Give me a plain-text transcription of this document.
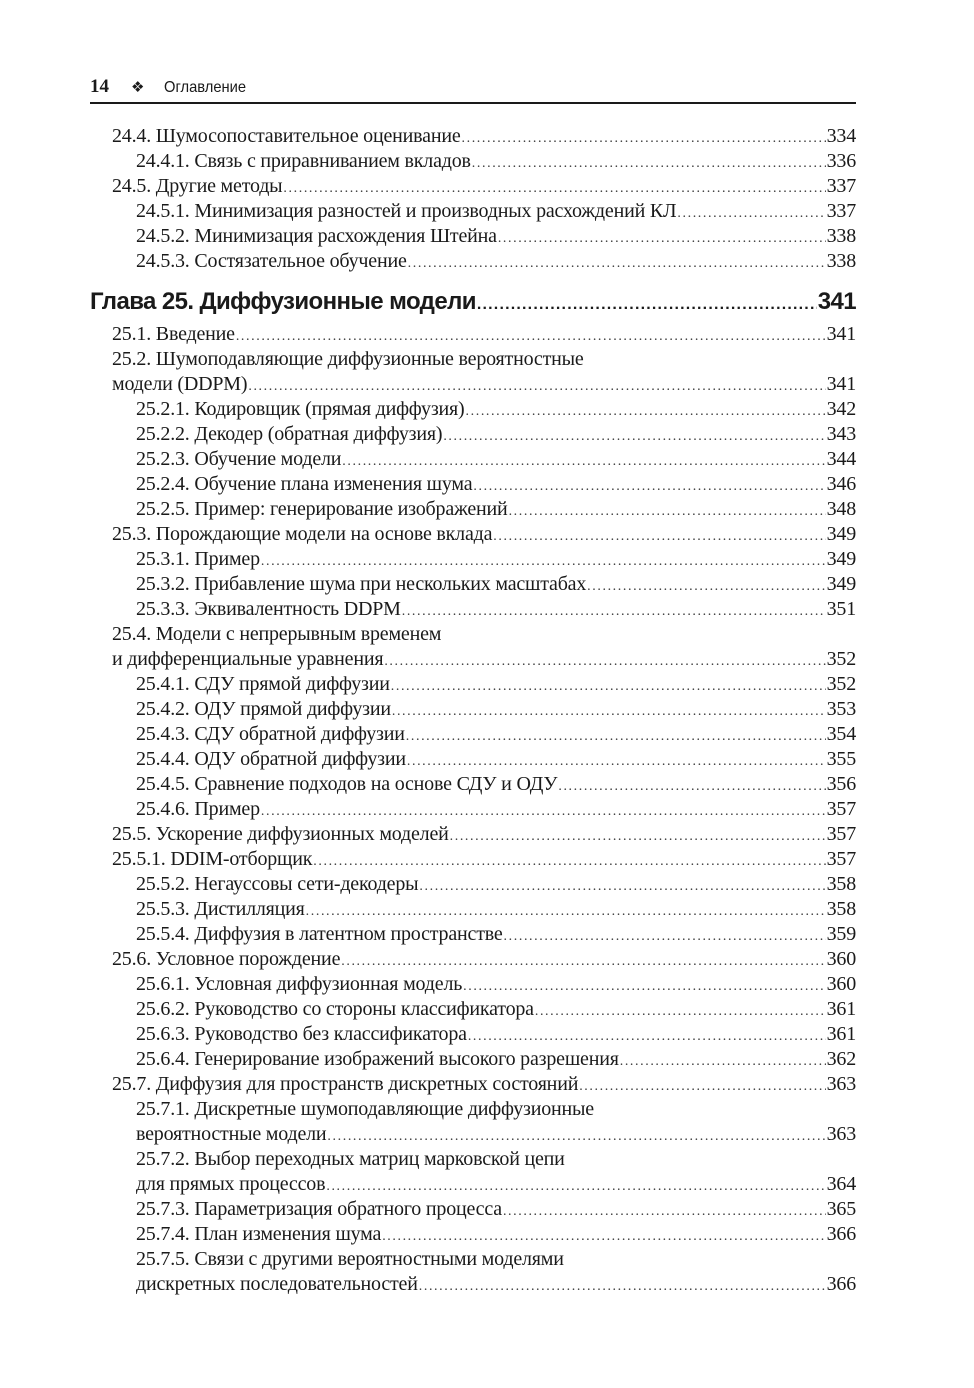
14 ❖ Оглавление
24.4. Шумосопоставительное оценивание .....	334
24.4.1. Связь с приравниванием вкладов .....	336
24.5. Другие методы .....	337
24.5.1. Минимизация разностей и производных расхождений КЛ .....	337
24.5.2. Минимизация расхождения Штейна .....	338
24.5.3. Состязательное обучение .....	338
Глава 25. Диффузионные модели .....	341
25.1. Введение .....	341
25.2. Шумоподавляющие диффузионные вероятностные
модели (DDPM) .....	341
25.2.1. Кодировщик (прямая диффузия) .....	342
25.2.2. Декодер (обратная диффузия) .....	343
25.2.3. Обучение модели .....	344
25.2.4. Обучение плана изменения шума .....	346
25.2.5. Пример: генерирование изображений .....	348
25.3. Порождающие модели на основе вклада .....	349
25.3.1. Пример .....	349
25.3.2. Прибавление шума при нескольких масштабах .....	349
25.3.3. Эквивалентность DDPM .....	351
25.4. Модели с непрерывным временем
и дифференциальные уравнения .....	352
25.4.1. СДУ прямой диффузии .....	352
25.4.2. ОДУ прямой диффузии .....	353
25.4.3. СДУ обратной диффузии .....	354
25.4.4. ОДУ обратной диффузии .....	355
25.4.5. Сравнение подходов на основе СДУ и ОДУ .....	356
25.4.6. Пример .....	357
25.5. Ускорение диффузионных моделей .....	357
25.5.1. DDIM-отборщик .....	357
25.5.2. Негауссовы сети-декодеры .....	358
25.5.3. Дистилляция .....	358
25.5.4. Диффузия в латентном пространстве .....	359
25.6. Условное порождение .....	360
25.6.1. Условная диффузионная модель .....	360
25.6.2. Руководство со стороны классификатора .....	361
25.6.3. Руководство без классификатора .....	361
25.6.4. Генерирование изображений высокого разрешения .....	362
25.7. Диффузия для пространств дискретных состояний .....	363
25.7.1. Дискретные шумоподавляющие диффузионные
вероятностные модели .....	363
25.7.2. Выбор переходных матриц марковской цепи
для прямых процессов .....	364
25.7.3. Параметризация обратного процесса .....	365
25.7.4. План изменения шума .....	366
25.7.5. Связи с другими вероятностными моделями
дискретных последовательностей .....	366
